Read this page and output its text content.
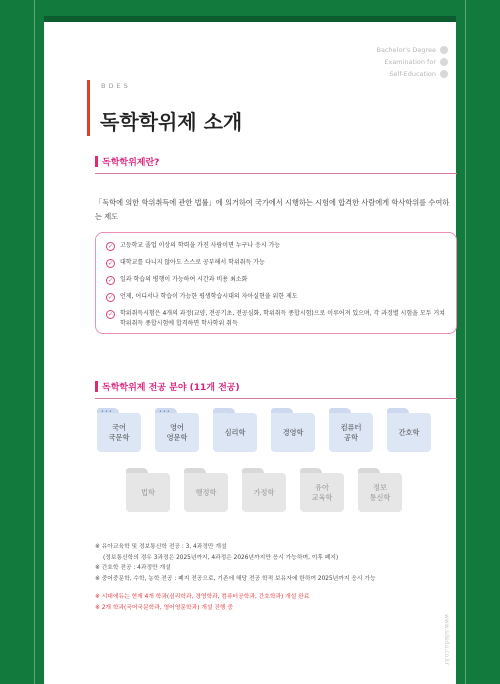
Bachelor's Degree
Examination for
Self-Education
BDES
독학학위제 소개
독학학위제란?
「독학에 의한 학위취득에 관한 법률」에 의거하여 국가에서 시행하는 시험에 합격한 사람에게 학사학위를 수여하는 제도
✓	고등학교 졸업 이상의 학력을 가진 사람이면 누구나 응시 가능
✓	대학교를 다니지 않아도 스스로 공부해서 학위취득 가능
✓	일과 학습의 병행이 가능하여 시간과 비용 최소화
✓	언제, 어디서나 학습이 가능한 평생학습시대의 자아실현을 위한 제도
✓	학위취득시험은 4개의 과정(교양, 전공기초, 전공심화, 학위취득 종합시험)으로 이루어져 있으며, 각 과정별 시험을 모두 거쳐 학위취득 종합시험에 합격하면 학사학위 취득
독학학위제 전공 분야 (11개 전공)
•••
국어
국문학
•••
영어
영문학
심리학	경영학
컴퓨터
공학
간호학
법학	행정학	가정학
유아
교육학
정보
통신학
※ 유아교육학 및 정보통신학 전공 : 3, 4과정만 개설
(정보통신학의 경우 3과정은 2025년까지, 4과정은 2026년까지만 응시 가능하며, 이후 폐지)
※ 간호학 전공 : 4과정만 개설
※ 중어중문학, 수학, 농학 전공 : 폐지 전공으로, 기존에 해당 전공 학적 보유자에 한하여 2025년까지 응시 가능
※ 시대에듀는 현재 4개 학과(심리학과, 경영학과, 컴퓨터공학과, 간호학과) 개설 완료
※ 2개 학과(국어국문학과, 영어영문학과) 개설 진행 중
www.sdedu.co.kr
